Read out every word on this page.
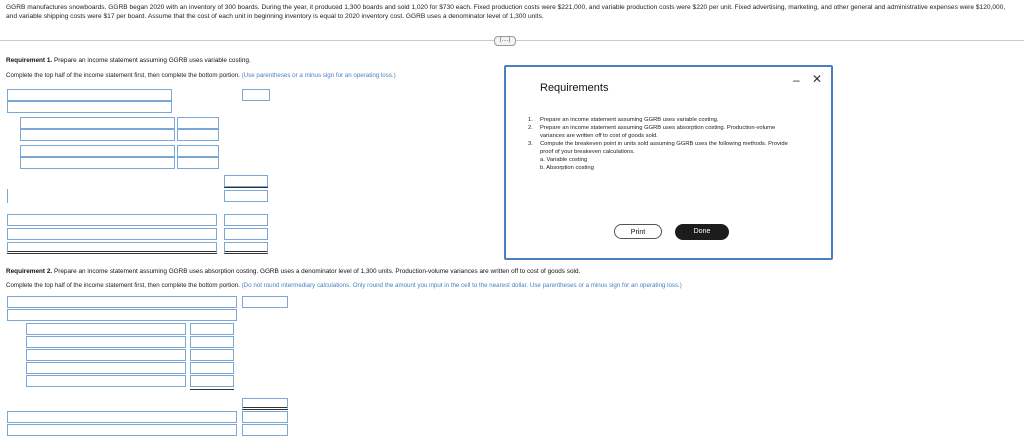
GGRB manufactures snowboards. GGRB began 2020 with an inventory of 300 boards. During the year, it produced 1,300 boards and sold 1,020 for $730 each. Fixed production costs were $221,000, and variable production costs were $220 per unit. Fixed advertising, marketing, and other general and administrative expenses were $120,000, and variable shipping costs were $17 per board. Assume that the cost of each unit in beginning inventory is equal to 2020 inventory cost. GGRB uses a denominator level of 1,300 units.
(....)
Requirement 1. Prepare an income statement assuming GGRB uses variable costing.
Complete the top half of the income statement first, then complete the bottom portion. (Use parentheses or a minus sign for an operating loss.)
Requirement 2. Prepare an income statement assuming GGRB uses absorption costing. GGRB uses a denominator level of 1,300 units. Production-volume variances are written off to cost of goods sold.
Complete the top half of the income statement first, then complete the bottom portion. (Do not round intermediary calculations. Only round the amount you input in the cell to the nearest dollar. Use parentheses or a minus sign for an operating loss.)
Requirements
– ✕
1.	Prepare an income statement assuming GGRB uses variable costing.
2.	Prepare an income statement assuming GGRB uses absorption costing. Production-volume variances are written off to cost of goods sold.
3.	Compute the breakeven point in units sold assuming GGRB uses the following methods. Provide proof of your breakeven calculations.
a. Variable costing
b. Absorption costing
Print	Done
